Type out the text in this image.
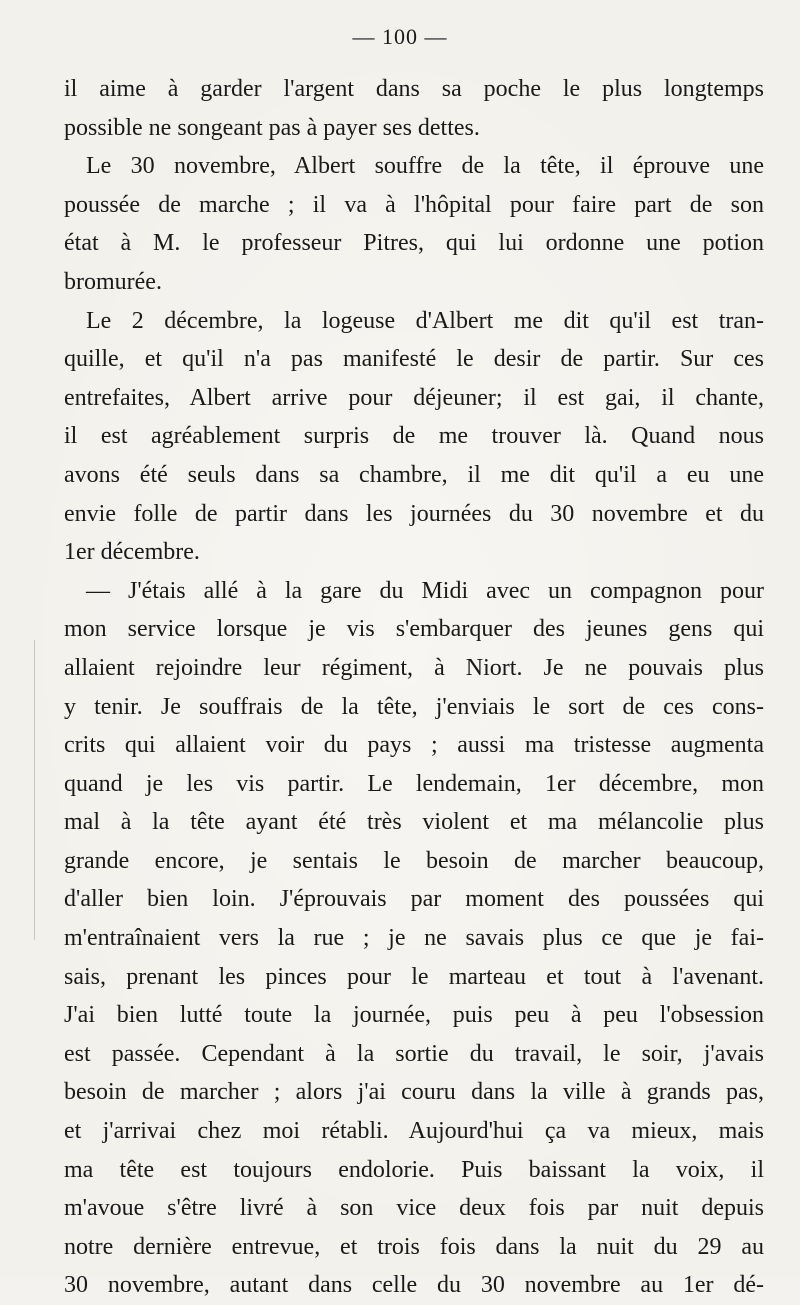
— 100 —
il aime à garder l'argent dans sa poche le plus longtemps
possible ne songeant pas à payer ses dettes.
Le 30 novembre, Albert souffre de la tête, il éprouve une
poussée de marche ; il va à l'hôpital pour faire part de son
état à M. le professeur Pitres, qui lui ordonne une potion
bromurée.
Le 2 décembre, la logeuse d'Albert me dit qu'il est tran-
quille, et qu'il n'a pas manifesté le desir de partir. Sur ces
entrefaites, Albert arrive pour déjeuner; il est gai, il chante,
il est agréablement surpris de me trouver là. Quand nous
avons été seuls dans sa chambre, il me dit qu'il a eu une
envie folle de partir dans les journées du 30 novembre et du
1er décembre.
— J'étais allé à la gare du Midi avec un compagnon pour
mon service lorsque je vis s'embarquer des jeunes gens qui
allaient rejoindre leur régiment, à Niort. Je ne pouvais plus
y tenir. Je souffrais de la tête, j'enviais le sort de ces cons-
crits qui allaient voir du pays ; aussi ma tristesse augmenta
quand je les vis partir. Le lendemain, 1er décembre, mon
mal à la tête ayant été très violent et ma mélancolie plus
grande encore, je sentais le besoin de marcher beaucoup,
d'aller bien loin. J'éprouvais par moment des poussées qui
m'entraînaient vers la rue ; je ne savais plus ce que je fai-
sais, prenant les pinces pour le marteau et tout à l'avenant.
J'ai bien lutté toute la journée, puis peu à peu l'obsession
est passée. Cependant à la sortie du travail, le soir, j'avais
besoin de marcher ; alors j'ai couru dans la ville à grands pas,
et j'arrivai chez moi rétabli. Aujourd'hui ça va mieux, mais
ma tête est toujours endolorie. Puis baissant la voix, il
m'avoue s'être livré à son vice deux fois par nuit depuis
notre dernière entrevue, et trois fois dans la nuit du 29 au
30 novembre, autant dans celle du 30 novembre au 1er dé-
